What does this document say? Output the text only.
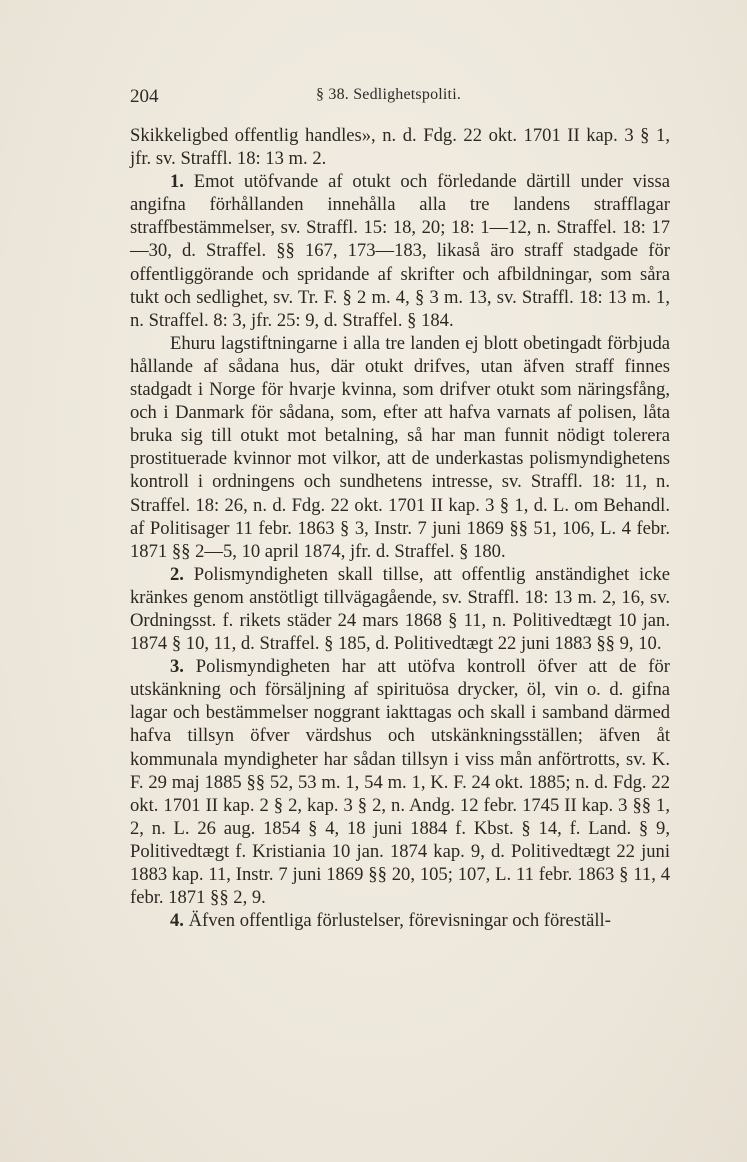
204	§ 38. Sedlighetspoliti.

Skikkeligbed offentlig handles», n. d. Fdg. 22 okt. 1701 II kap. 3 § 1, jfr. sv. Straffl. 18: 13 m. 2.

1. Emot utöfvande af otukt och förledande därtill under vissa angifna förhållanden innehålla alla tre landens strafflagar straffbestämmelser, sv. Straffl. 15: 18, 20; 18: 1—12, n. Straffel. 18: 17—30, d. Straffel. §§ 167, 173—183, likaså äro straff stadgade för offentliggörande och spridande af skrifter och afbildningar, som såra tukt och sedlighet, sv. Tr. F. § 2 m. 4, § 3 m. 13, sv. Straffl. 18: 13 m. 1, n. Straffel. 8: 3, jfr. 25: 9, d. Straffel. § 184.

Ehuru lagstiftningarne i alla tre landen ej blott obetingadt förbjuda hållande af sådana hus, där otukt drifves, utan äfven straff finnes stadgadt i Norge för hvarje kvinna, som drifver otukt som näringsfång, och i Danmark för sådana, som, efter att hafva varnats af polisen, låta bruka sig till otukt mot betalning, så har man funnit nödigt tolerera prostituerade kvinnor mot vilkor, att de underkastas polismyndighetens kontroll i ordningens och sundhetens intresse, sv. Straffl. 18: 11, n. Straffel. 18: 26, n. d. Fdg. 22 okt. 1701 II kap. 3 § 1, d. L. om Behandl. af Politisager 11 febr. 1863 § 3, Instr. 7 juni 1869 §§ 51, 106, L. 4 febr. 1871 §§ 2—5, 10 april 1874, jfr. d. Straffel. § 180.

2. Polismyndigheten skall tillse, att offentlig anständighet icke kränkes genom anstötligt tillvägagående, sv. Straffl. 18: 13 m. 2, 16, sv. Ordningsst. f. rikets städer 24 mars 1868 § 11, n. Politivedtægt 10 jan. 1874 § 10, 11, d. Straffel. § 185, d. Politivedtægt 22 juni 1883 §§ 9, 10.

3. Polismyndigheten har att utöfva kontroll öfver att de för utskänkning och försäljning af spirituösa drycker, öl, vin o. d. gifna lagar och bestämmelser noggrant iakttagas och skall i samband därmed hafva tillsyn öfver värdshus och utskänkningsställen; äfven åt kommunala myndigheter har sådan tillsyn i viss mån anförtrotts, sv. K. F. 29 maj 1885 §§ 52, 53 m. 1, 54 m. 1, K. F. 24 okt. 1885; n. d. Fdg. 22 okt. 1701 II kap. 2 § 2, kap. 3 § 2, n. Andg. 12 febr. 1745 II kap. 3 §§ 1, 2, n. L. 26 aug. 1854 § 4, 18 juni 1884 f. Kbst. § 14, f. Land. § 9, Politivedtægt f. Kristiania 10 jan. 1874 kap. 9, d. Politivedtægt 22 juni 1883 kap. 11, Instr. 7 juni 1869 §§ 20, 105; 107, L. 11 febr. 1863 § 11, 4 febr. 1871 §§ 2, 9.

4. Äfven offentliga förlustelser, förevisningar och föreställ-
